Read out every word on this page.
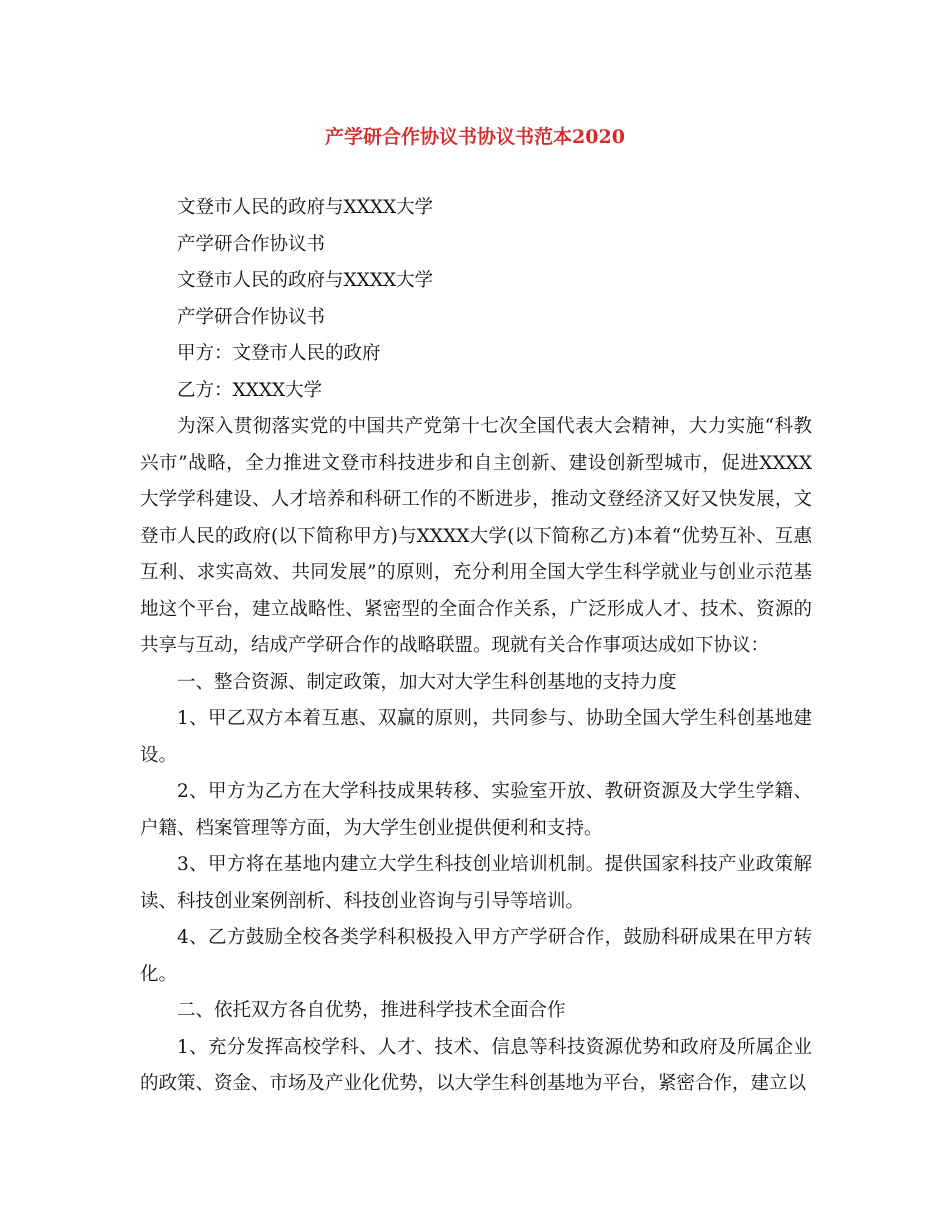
产学研合作协议书协议书范本2020

文登市人民的政府与XXXX大学

产学研合作协议书

文登市人民的政府与XXXX大学

产学研合作协议书

甲方：文登市人民的政府

乙方：XXXX大学

为深入贯彻落实党的中国共产党第十七次全国代表大会精神，大力实施“科教兴市”战略，全力推进文登市科技进步和自主创新、建设创新型城市，促进XXXX大学学科建设、人才培养和科研工作的不断进步，推动文登经济又好又快发展，文登市人民的政府(以下简称甲方)与XXXX大学(以下简称乙方)本着“优势互补、互惠互利、求实高效、共同发展”的原则，充分利用全国大学生科学就业与创业示范基地这个平台，建立战略性、紧密型的全面合作关系，广泛形成人才、技术、资源的共享与互动，结成产学研合作的战略联盟。现就有关合作事项达成如下协议：

一、整合资源、制定政策，加大对大学生科创基地的支持力度

1、甲乙双方本着互惠、双赢的原则，共同参与、协助全国大学生科创基地建设。

2、甲方为乙方在大学科技成果转移、实验室开放、教研资源及大学生学籍、户籍、档案管理等方面，为大学生创业提供便利和支持。

3、甲方将在基地内建立大学生科技创业培训机制。提供国家科技产业政策解读、科技创业案例剖析、科技创业咨询与引导等培训。

4、乙方鼓励全校各类学科积极投入甲方产学研合作，鼓励科研成果在甲方转化。

二、依托双方各自优势，推进科学技术全面合作

1、充分发挥高校学科、人才、技术、信息等科技资源优势和政府及所属企业的政策、资金、市场及产业化优势，以大学生科创基地为平台，紧密合作，建立以
